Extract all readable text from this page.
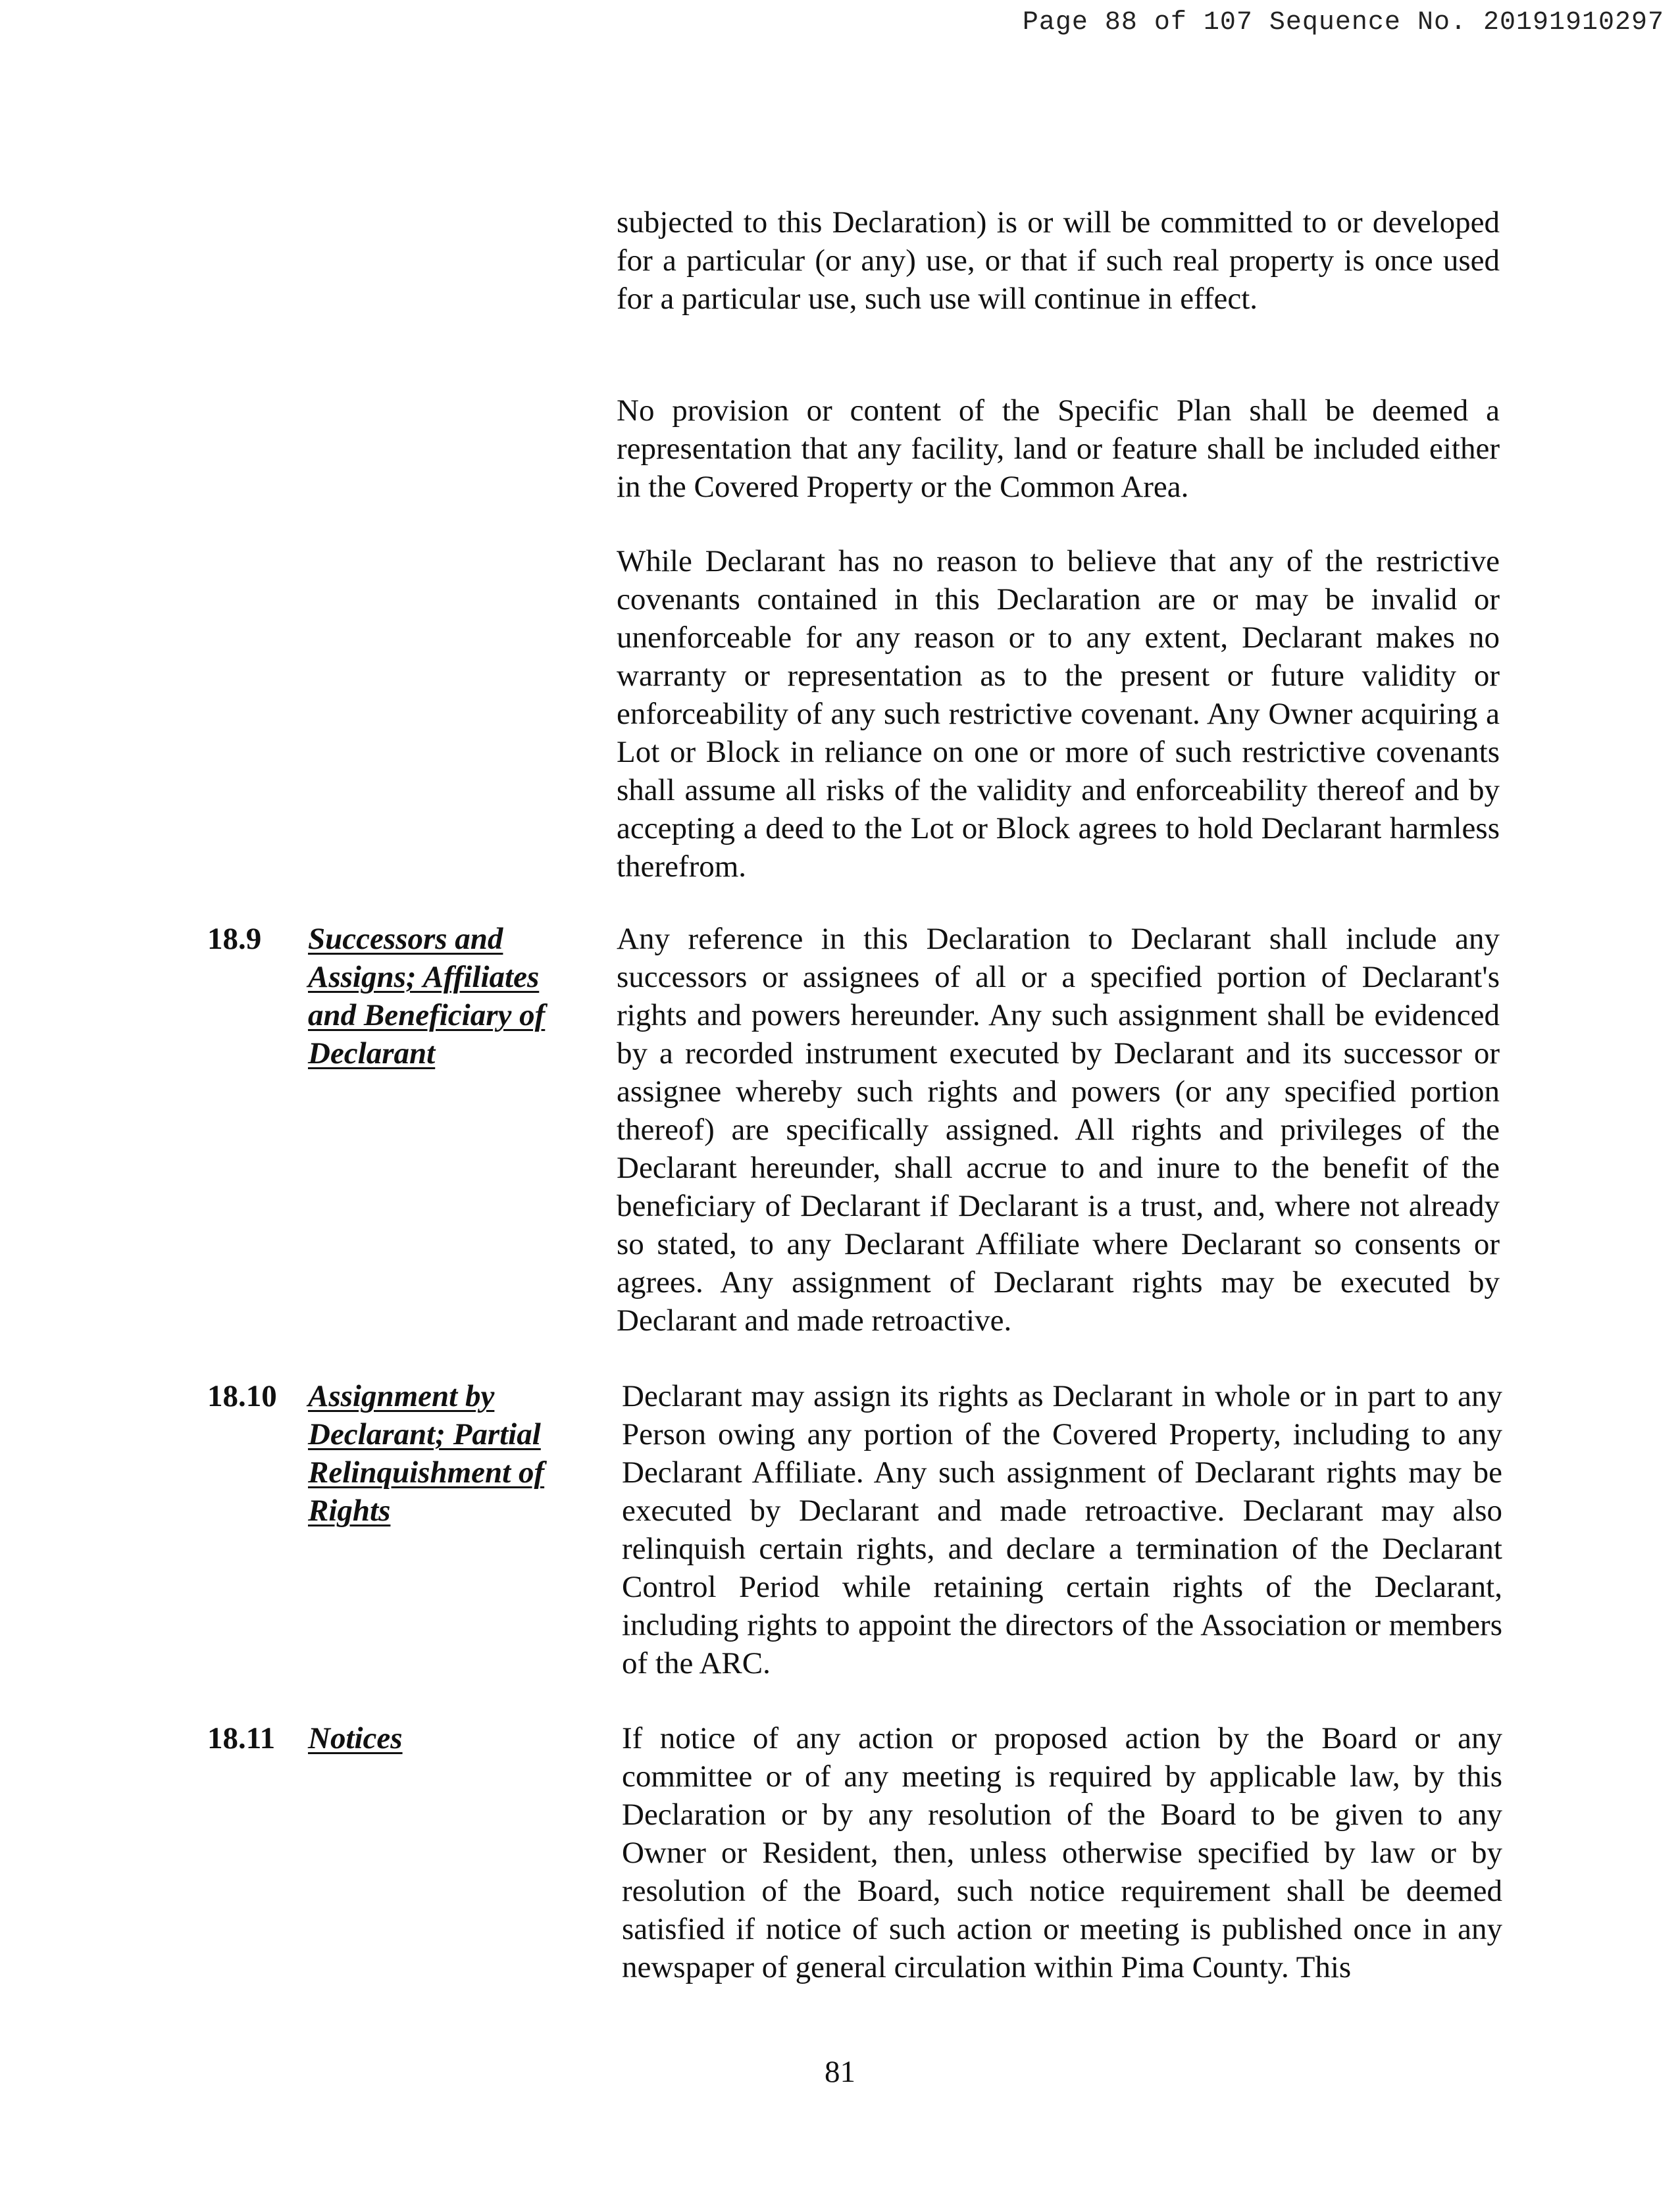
Page 88 of 107 Sequence No. 20191910297
subjected to this Declaration) is or will be committed to or developed for a particular (or any) use, or that if such real property is once used for a particular use, such use will continue in effect.
No provision or content of the Specific Plan shall be deemed a representation that any facility, land or feature shall be included either in the Covered Property or the Common Area.
While Declarant has no reason to believe that any of the restrictive covenants contained in this Declaration are or may be invalid or unenforceable for any reason or to any extent, Declarant makes no warranty or representation as to the present or future validity or enforceability of any such restrictive covenant. Any Owner acquiring a Lot or Block in reliance on one or more of such restrictive covenants shall assume all risks of the validity and enforceability thereof and by accepting a deed to the Lot or Block agrees to hold Declarant harmless therefrom.
18.9 Successors and Assigns; Affiliates and Beneficiary of Declarant
Any reference in this Declaration to Declarant shall include any successors or assignees of all or a specified portion of Declarant's rights and powers hereunder. Any such assignment shall be evidenced by a recorded instrument executed by Declarant and its successor or assignee whereby such rights and powers (or any specified portion thereof) are specifically assigned. All rights and privileges of the Declarant hereunder, shall accrue to and inure to the benefit of the beneficiary of Declarant if Declarant is a trust, and, where not already so stated, to any Declarant Affiliate where Declarant so consents or agrees. Any assignment of Declarant rights may be executed by Declarant and made retroactive.
18.10 Assignment by Declarant; Partial Relinquishment of Rights
Declarant may assign its rights as Declarant in whole or in part to any Person owing any portion of the Covered Property, including to any Declarant Affiliate. Any such assignment of Declarant rights may be executed by Declarant and made retroactive. Declarant may also relinquish certain rights, and declare a termination of the Declarant Control Period while retaining certain rights of the Declarant, including rights to appoint the directors of the Association or members of the ARC.
18.11 Notices	If notice of any action or proposed action by the Board or any committee or of any meeting is required by applicable law, by this Declaration or by any resolution of the Board to be given to any Owner or Resident, then, unless otherwise specified by law or by resolution of the Board, such notice requirement shall be deemed satisfied if notice of such action or meeting is published once in any newspaper of general circulation within Pima County. This
81
